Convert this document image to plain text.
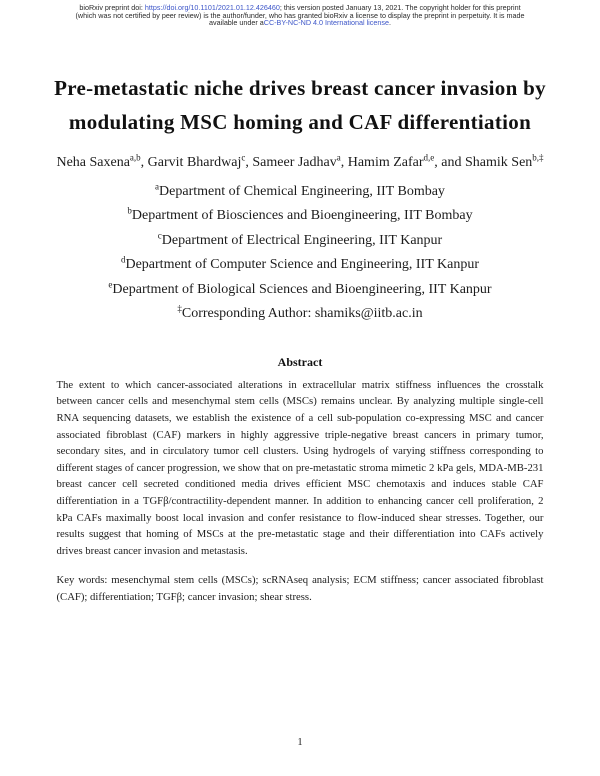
bioRxiv preprint doi: https://doi.org/10.1101/2021.01.12.426460; this version posted January 13, 2021. The copyright holder for this preprint
(which was not certified by peer review) is the author/funder, who has granted bioRxiv a license to display the preprint in perpetuity. It is made
available under aCC-BY-NC-ND 4.0 International license.
Pre-metastatic niche drives breast cancer invasion by
modulating MSC homing and CAF differentiation
Neha Saxena$^{a,b}$, Garvit Bhardwaj$^c$, Sameer Jadhav$^a$, Hamim Zafar$^{d,e}$, and Shamik Sen$^{b,\ddagger}$
$^a$Department of Chemical Engineering, IIT Bombay
$^b$Department of Biosciences and Bioengineering, IIT Bombay
$^c$Department of Electrical Engineering, IIT Kanpur
$^d$Department of Computer Science and Engineering, IIT Kanpur
$^e$Department of Biological Sciences and Bioengineering, IIT Kanpur
‡Corresponding Author: shamiks@iitb.ac.in
Abstract

The extent to which cancer-associated alterations in extracellular matrix stiffness influences the crosstalk between cancer cells and mesenchymal stem cells (MSCs) remains unclear. By analyzing multiple single-cell RNA sequencing datasets, we establish the existence of a cell sub-population co-expressing MSC and cancer associated fibroblast (CAF) markers in highly aggressive triple-negative breast cancers in primary tumor, secondary sites, and in circulatory tumor cell clusters. Using hydrogels of varying stiffness corresponding to different stages of cancer progression, we show that on pre-metastatic stroma mimetic 2 kPa gels, MDA-MB-231 breast cancer cell secreted conditioned media drives efficient MSC chemotaxis and induces stable CAF differentiation in a TGFβ/contractility-dependent manner. In addition to enhancing cancer cell proliferation, 2 kPa CAFs maximally boost local invasion and confer resistance to flow-induced shear stresses. Together, our results suggest that homing of MSCs at the pre-metastatic stage and their differentiation into CAFs actively drives breast cancer invasion and metastasis.

Key words: mesenchymal stem cells (MSCs); scRNAseq analysis; ECM stiffness; cancer associated fibroblast (CAF); differentiation; TGFβ; cancer invasion; shear stress.

1
